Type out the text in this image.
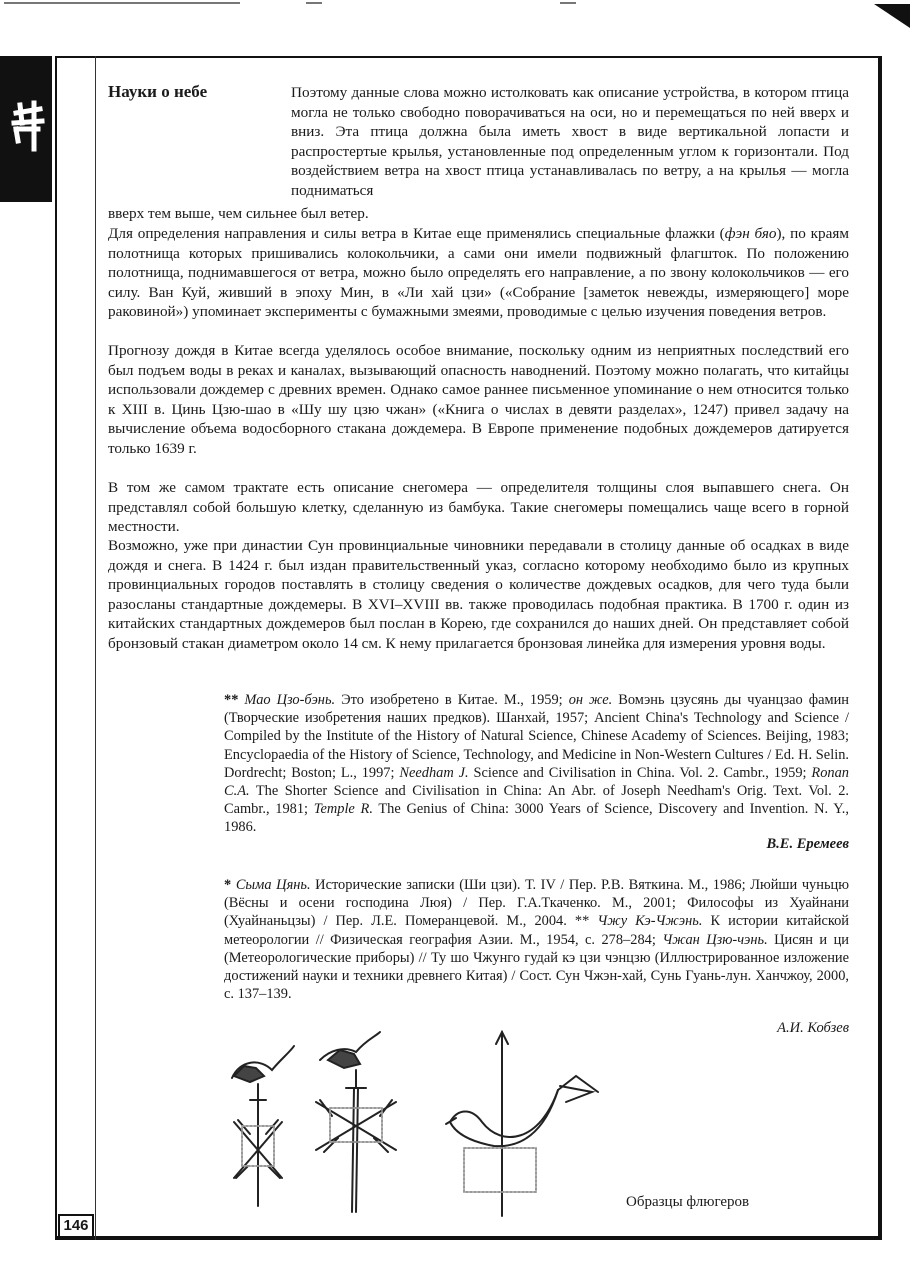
146
Науки о небе	Поэтому данные слова можно истолковать как описание устройства, в котором птица могла не только свободно поворачиваться на оси, но и перемещаться по ней вверх и вниз. Эта птица должна была иметь хвост в виде вертикальной лопасти и распростертые крылья, установленные под определенным углом к горизонтали. Под воздействием ветра на хвост птица устанавливалась по ветру, а на крылья — могла подниматься

вверх тем выше, чем сильнее был ветер.

Для определения направления и силы ветра в Китае еще применялись специальные флажки (фэн бяо), по краям полотнища которых пришивались колокольчики, а сами они имели подвижный флагшток. По положению полотнища, поднимавшегося от ветра, можно было определять его направление, а по звону колокольчиков — его силу. Ван Куй, живший в эпоху Мин, в «Ли хай цзи» («Собрание [заметок невежды, измеряющего] море раковиной») упоминает эксперименты с бумажными змеями, проводимые с целью изучения поведения ветров.

Прогнозу дождя в Китае всегда уделялось особое внимание, поскольку одним из неприятных последствий его был подъем воды в реках и каналах, вызывающий опасность наводнений. Поэтому можно полагать, что китайцы использовали дождемер с древних времен. Однако самое раннее письменное упоминание о нем относится только к XIII в. Цинь Цзю-шао в «Шу шу цзю чжан» («Книга о числах в девяти разделах», 1247) привел задачу на вычисление объема водосборного стакана дождемера. В Европе применение подобных дождемеров датируется только 1639 г.

В том же самом трактате есть описание снегомера — определителя толщины слоя выпавшего снега. Он представлял собой большую клетку, сделанную из бамбука. Такие снегомеры помещались чаще всего в горной местности.

Возможно, уже при династии Сун провинциальные чиновники передавали в столицу данные об осадках в виде дождя и снега. В 1424 г. был издан правительственный указ, согласно которому необходимо было из крупных провинциальных городов поставлять в столицу сведения о количестве дождевых осадков, для чего туда были разосланы стандартные дождемеры. В XVI–XVIII вв. также проводилась подобная практика. В 1700 г. один из китайских стандартных дождемеров был послан в Корею, где сохранился до наших дней. Он представляет собой бронзовый стакан диаметром около 14 см. К нему прилагается бронзовая линейка для измерения уровня воды.

** Мао Цзо-бэнь. Это изобретено в Китае. М., 1959; он же. Вомэнь цзусянь ды чуанцзао фамин (Творческие изобретения наших предков). Шанхай, 1957; Ancient China's Technology and Science / Compiled by the Institute of the History of Natural Science, Chinese Academy of Sciences. Beijing, 1983; Encyclopaedia of the History of Science, Technology, and Medicine in Non-Western Cultures / Ed. H. Selin. Dordrecht; Boston; L., 1997; Needham J. Science and Civilisation in China. Vol. 2. Cambr., 1959; Ronan C.A. The Shorter Science and Civilisation in China: An Abr. of Joseph Needham's Orig. Text. Vol. 2. Cambr., 1981; Temple R. The Genius of China: 3000 Years of Science, Discovery and Invention. N. Y., 1986.

В.Е. Еремеев

* Сыма Цянь. Исторические записки (Ши цзи). Т. IV / Пер. Р.В. Вяткина. М., 1986; Люйши чуньцю (Вёсны и осени господина Люя) / Пер. Г.А.Ткаченко. М., 2001; Философы из Хуайнани (Хуайнаньцзы) / Пер. Л.Е. Померанцевой. М., 2004. ** Чжу Кэ-Чжэнь. К истории китайской метеорологии // Физическая география Азии. М., 1954, с. 278–284; Чжан Цзю-чэнь. Цисян и ци (Метеорологические приборы) // Ту шо Чжунго гудай кэ цзи чэнцзю (Иллюстрированное изложение достижений науки и техники древнего Китая) / Сост. Сун Чжэн-хай, Сунь Гуань-лун. Ханчжоу, 2000, с. 137–139.

А.И. Кобзев

Образцы флюгеров
